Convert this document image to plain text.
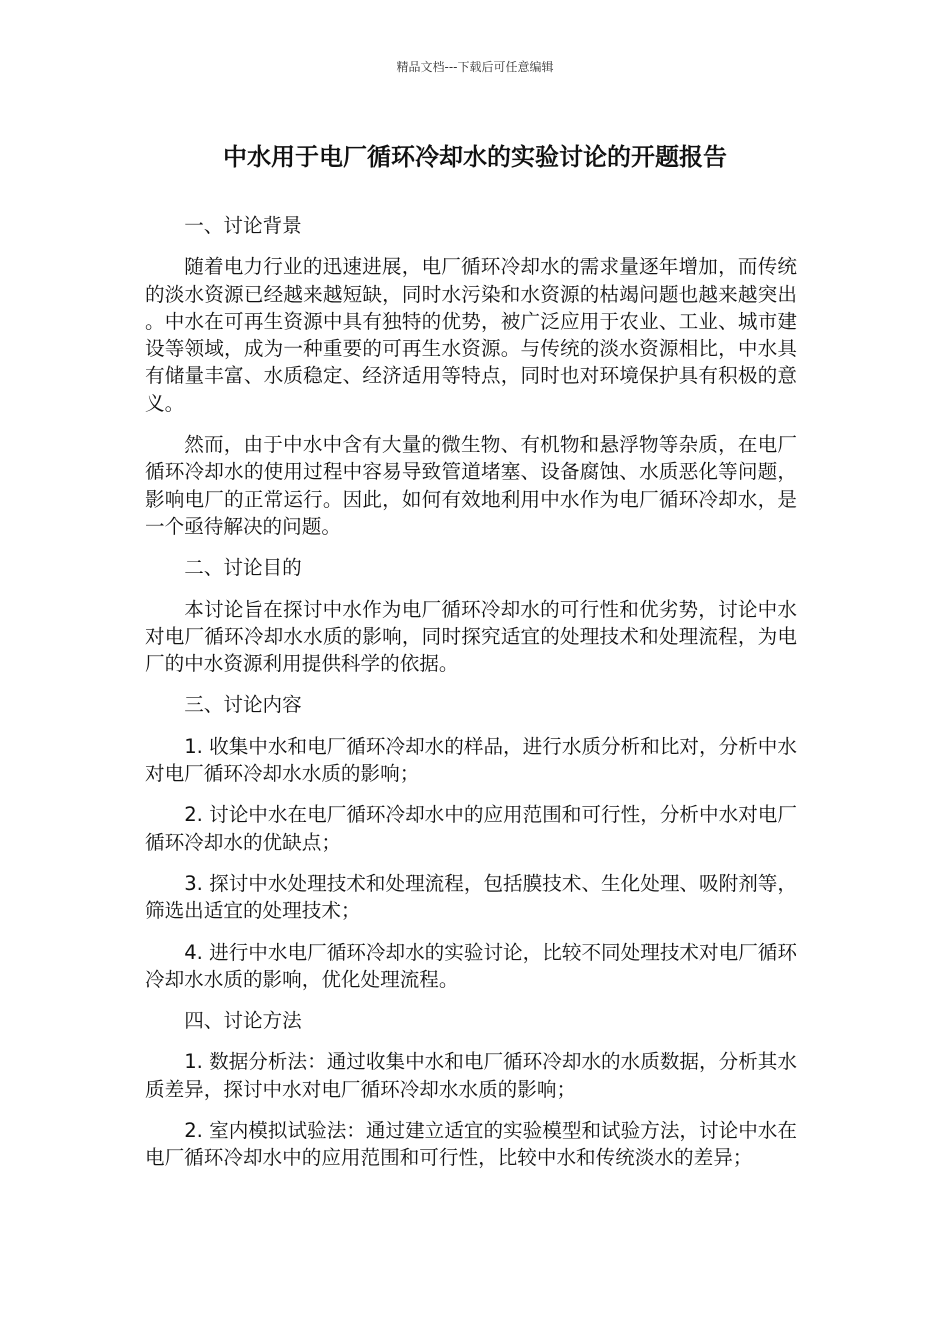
精品文档---下载后可任意编辑
中水用于电厂循环冷却水的实验讨论的开题报告
一、讨论背景

随着电力行业的迅速进展，电厂循环冷却水的需求量逐年增加，而传统的淡水资源已经越来越短缺，同时水污染和水资源的枯竭问题也越来越突出。中水在可再生资源中具有独特的优势，被广泛应用于农业、工业、城市建设等领域，成为一种重要的可再生水资源。与传统的淡水资源相比，中水具有储量丰富、水质稳定、经济适用等特点，同时也对环境保护具有积极的意义。

然而，由于中水中含有大量的微生物、有机物和悬浮物等杂质，在电厂循环冷却水的使用过程中容易导致管道堵塞、设备腐蚀、水质恶化等问题，影响电厂的正常运行。因此，如何有效地利用中水作为电厂循环冷却水，是一个亟待解决的问题。

二、讨论目的

本讨论旨在探讨中水作为电厂循环冷却水的可行性和优劣势，讨论中水对电厂循环冷却水水质的影响，同时探究适宜的处理技术和处理流程，为电厂的中水资源利用提供科学的依据。

三、讨论内容

1. 收集中水和电厂循环冷却水的样品，进行水质分析和比对，分析中水对电厂循环冷却水水质的影响；

2. 讨论中水在电厂循环冷却水中的应用范围和可行性，分析中水对电厂循环冷却水的优缺点；

3. 探讨中水处理技术和处理流程，包括膜技术、生化处理、吸附剂等，筛选出适宜的处理技术；

4. 进行中水电厂循环冷却水的实验讨论，比较不同处理技术对电厂循环冷却水水质的影响，优化处理流程。

四、讨论方法

1. 数据分析法：通过收集中水和电厂循环冷却水的水质数据，分析其水质差异，探讨中水对电厂循环冷却水水质的影响；

2. 室内模拟试验法：通过建立适宜的实验模型和试验方法，讨论中水在电厂循环冷却水中的应用范围和可行性，比较中水和传统淡水的差异；
